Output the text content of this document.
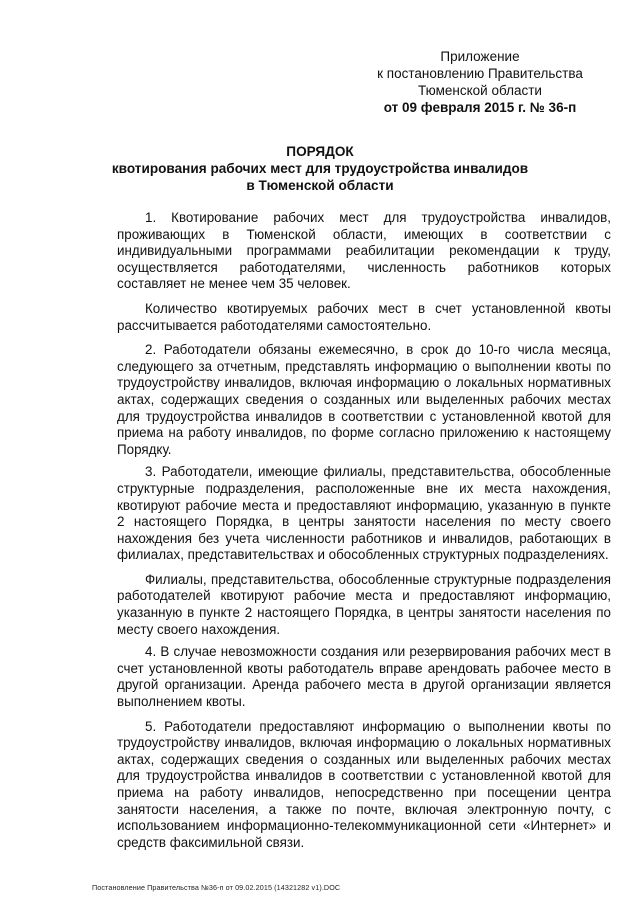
Приложение
к постановлению Правительства
Тюменской области
от 09 февраля 2015 г. № 36-п
ПОРЯДОК
квотирования рабочих мест для трудоустройства инвалидов
в Тюменской области

1. Квотирование рабочих мест для трудоустройства инвалидов, проживающих в Тюменской области, имеющих в соответствии с индивидуальными программами реабилитации рекомендации к труду, осуществляется работодателями, численность работников которых составляет не менее чем 35 человек.

Количество квотируемых рабочих мест в счет установленной квоты рассчитывается работодателями самостоятельно.

2. Работодатели обязаны ежемесячно, в срок до 10-го числа месяца, следующего за отчетным, представлять информацию о выполнении квоты по трудоустройству инвалидов, включая информацию о локальных нормативных актах, содержащих сведения о созданных или выделенных рабочих местах для трудоустройства инвалидов в соответствии с установленной квотой для приема на работу инвалидов, по форме согласно приложению к настоящему Порядку.

3. Работодатели, имеющие филиалы, представительства, обособленные структурные подразделения, расположенные вне их места нахождения, квотируют рабочие места и предоставляют информацию, указанную в пункте 2 настоящего Порядка, в центры занятости населения по месту своего нахождения без учета численности работников и инвалидов, работающих в филиалах, представительствах и обособленных структурных подразделениях.

Филиалы, представительства, обособленные структурные подразделения работодателей квотируют рабочие места и предоставляют информацию, указанную в пункте 2 настоящего Порядка, в центры занятости населения по месту своего нахождения.

4. В случае невозможности создания или резервирования рабочих мест в счет установленной квоты работодатель вправе арендовать рабочее место в другой организации. Аренда рабочего места в другой организации является выполнением квоты.

5. Работодатели предоставляют информацию о выполнении квоты по трудоустройству инвалидов, включая информацию о локальных нормативных актах, содержащих сведения о созданных или выделенных рабочих местах для трудоустройства инвалидов в соответствии с установленной квотой для приема на работу инвалидов, непосредственно при посещении центра занятости населения, а также по почте, включая электронную почту, с использованием информационно-телекоммуникационной сети «Интернет» и средств факсимильной связи.

Постановление Правительства №36-п от 09.02.2015 (14321282 v1).DOC
